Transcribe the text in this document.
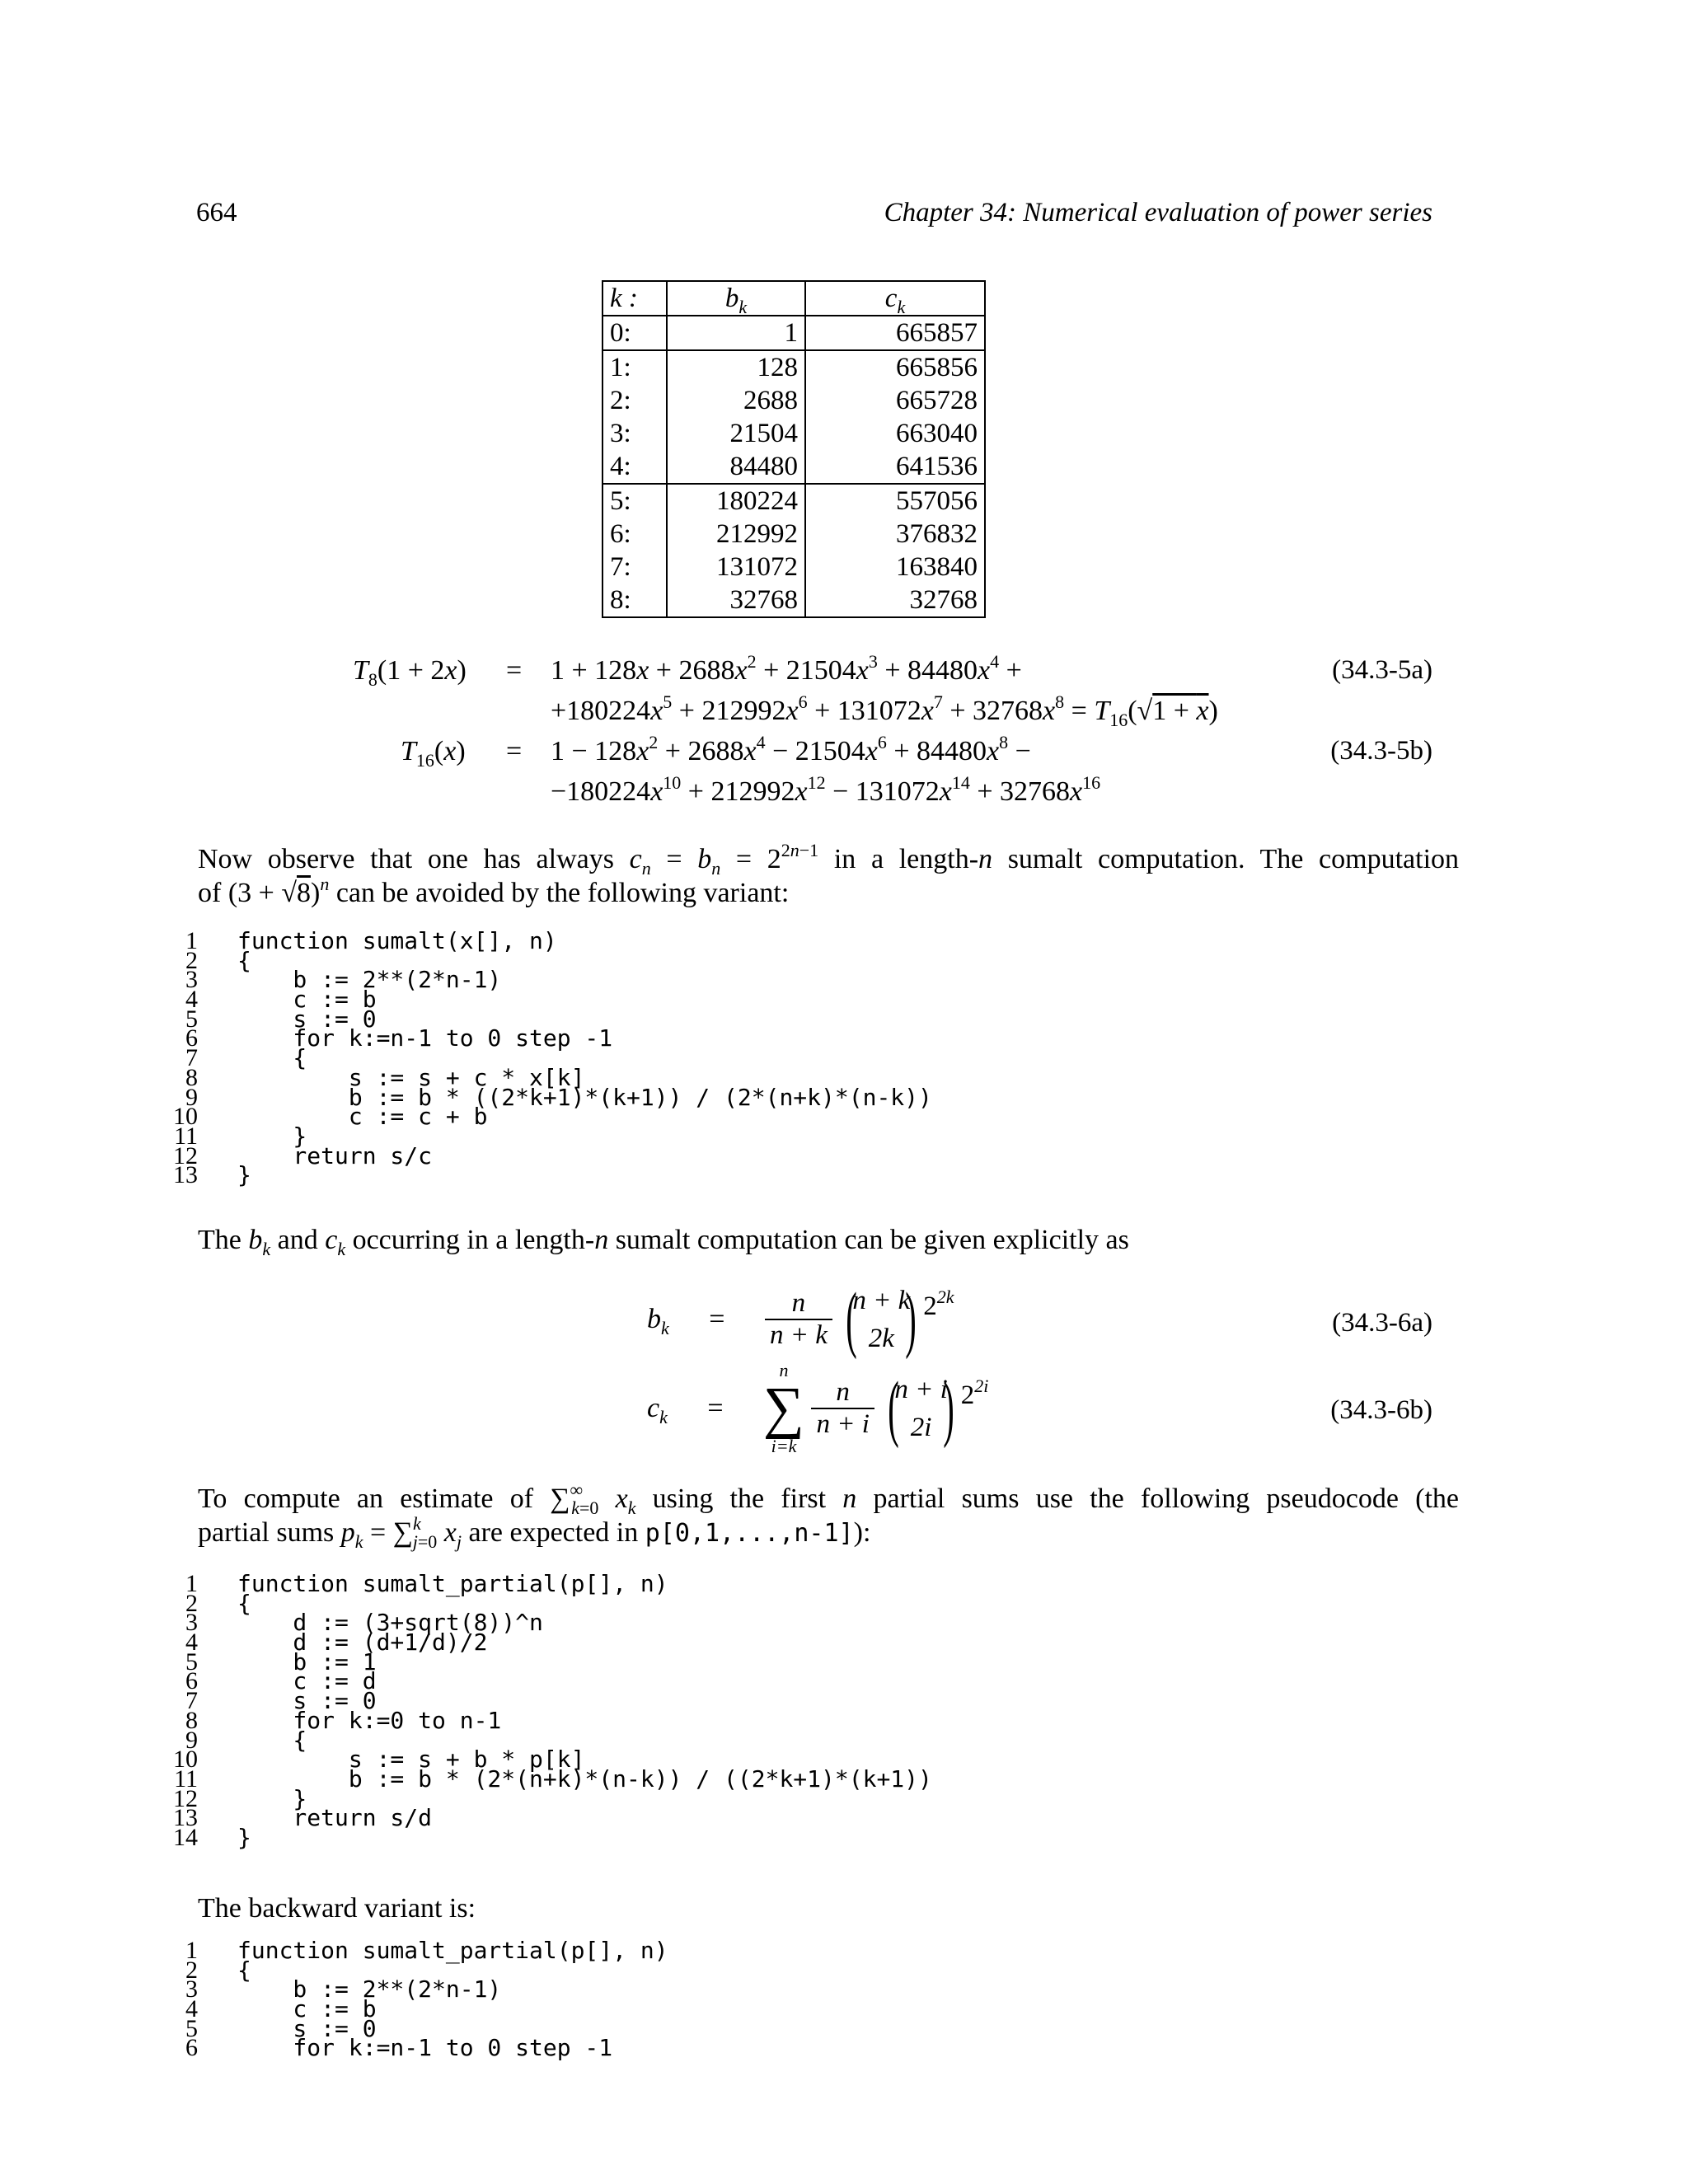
664	Chapter 34: Numerical evaluation of power series
k :	$b_k$	$c_k$
0:	1	665857
1:	128	665856
2:	2688	665728
3:	21504	663040
4:	84480	641536
5:	180224	557056
6:	212992	376832
7:	131072	163840
8:	32768	32768
$T_8(1 + 2x) = 1 + 128x + 2688x^2 + 21504x^3 + 84480x^4$ +	(34.3-5a)
$+180224x^5 + 212992x^6 + 131072x^7 + 32768x^8 = T_{16}(√1 + x)$
$T_{16}(x) = 1 - 128x^2 + 2688x^4 - 21504x^6 + 84480x^8$ −	(34.3-5b)
$-180224x^{10} + 212992x^{12} - 131072x^{14} + 32768x^{16}$
Now observe that one has always $c_n = b_n = 2^{2n-1}$ in a length-n sumalt computation. The computation
of $(3 + √8)^n$ can be avoided by the following variant:
1	function sumalt(x[], n)
2	{
3	b := 2**(2*n-1)
4	c := b
5	s := 0
6	for k:=n-1 to 0 step -1
7	{
8	s := s + c * x[k]
9	b := b * ((2*k+1)*(k+1)) / (2*(n+k)*(n-k))
10	c := c + b
11	}
12	return s/c
13	}
The $b_k$ and $c_k$ occurring in a length-n sumalt computation can be given explicitly as
$b_k = \frac{n}{n + k}$ (
n + k
2k ) $2^{2k}$
(34.3-6a)
$c_k$ =
n
∑
i=k

$\frac{n}{n + i}$ (
n + i
2i ) $2^{2i}$
(34.3-6b)
To compute an estimate of $\sum^\infty_{k=0}$ $x_k$ using the first n partial sums use the following pseudocode (the
partial sums $p_k = \sum^k_{j=0}$ $x_j$ are expected in p[0,1,...,n-1]):
1	function sumalt_partial(p[], n)
2	{
3	d := (3+sqrt(8))^n
4	d := (d+1/d)/2
5	b := 1
6	c := d
7	s := 0
8	for k:=0 to n-1
9	{
10	s := s + b * p[k]
11	b := b * (2*(n+k)*(n-k)) / ((2*k+1)*(k+1))
12	}
13	return s/d
14	}
The backward variant is:
1	function sumalt_partial(p[], n)
2	{
3	b := 2**(2*n-1)
4	c := b
5	s := 0
6	for k:=n-1 to 0 step -1
